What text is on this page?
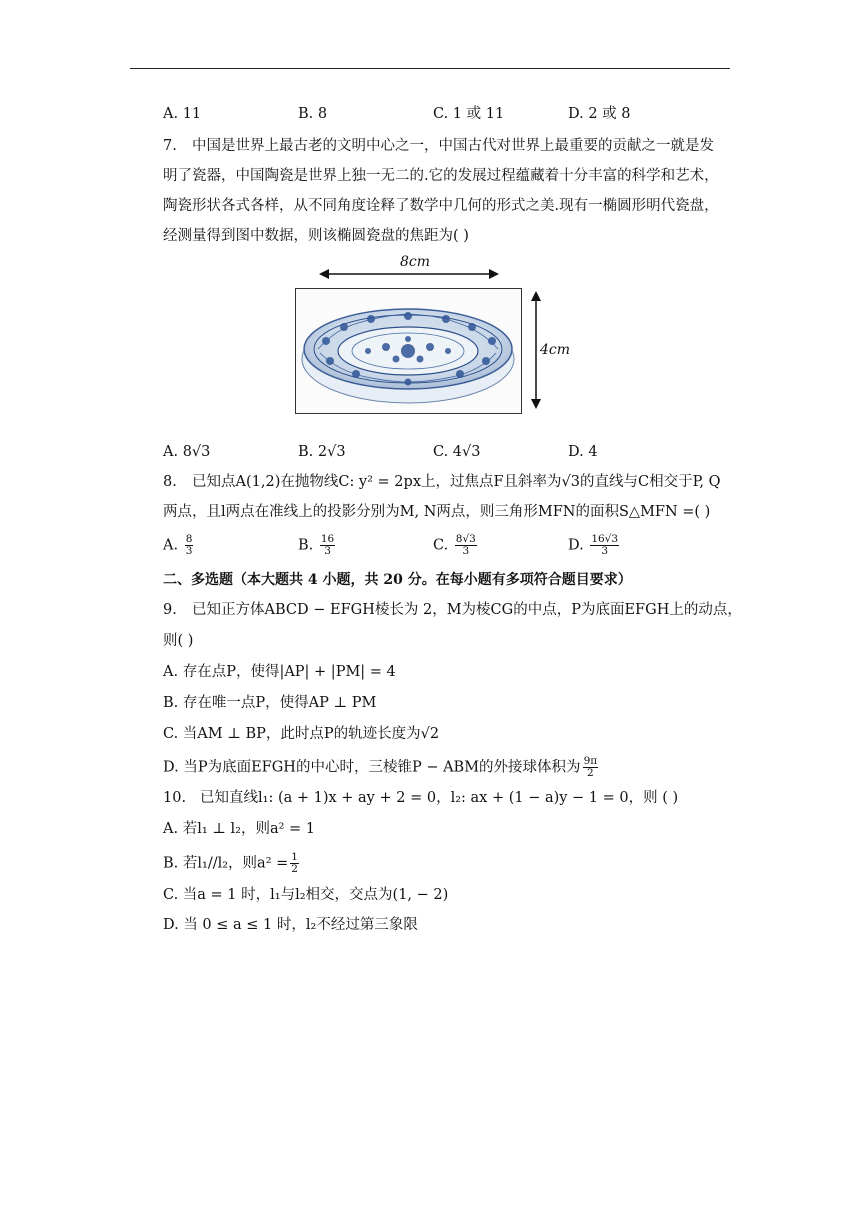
A. 11	B. 8	C. 1 或 11	D. 2 或 8
7. 中国是世界上最古老的文明中心之一，中国古代对世界上最重要的贡献之一就是发
明了瓷器，中国陶瓷是世界上独一无二的.它的发展过程蕴藏着十分丰富的科学和艺术，
陶瓷形状各式各样，从不同角度诠释了数学中几何的形式之美.现有一椭圆形明代瓷盘，
经测量得到图中数据，则该椭圆瓷盘的焦距为( )
8cm
4cm
A. 8√3	B. 2√3	C. 4√3	D. 4
8. 已知点A(1,2)在抛物线C: y² = 2px上，过焦点F且斜率为√3的直线与C相交于P, Q
两点，且l两点在准线上的投影分别为M, N两点，则三角形MFN的面积S△MFN =( )
A. $\frac{8}{3}$	B. $\frac{16}{3}$	C. $\frac{8√3}{3}$	D. $\frac{16√3}{3}$
二、多选题（本大题共 4 小题，共 20 分。在每小题有多项符合题目要求）
9. 已知正方体ABCD − EFGH棱长为 2，M为棱CG的中点，P为底面EFGH上的动点，
则( )
A. 存在点P，使得|AP| + |PM| = 4
B. 存在唯一点P，使得AP ⊥ PM
C. 当AM ⊥ BP，此时点P的轨迹长度为√2
D. 当P为底面EFGH的中心时，三棱锥P − ABM的外接球体积为 $\frac{9\pi}{2}$
10. 已知直线l₁: (a + 1)x + ay + 2 = 0，l₂: ax + (1 − a)y − 1 = 0，则 ( )
A. 若l₁ ⊥ l₂，则a² = 1
B. 若l₁//l₂，则$a^2 = \frac{1}{2}$
C. 当a = 1 时，l₁与l₂相交，交点为(1, − 2)
D. 当 0 ≤ a ≤ 1 时，l₂不经过第三象限
